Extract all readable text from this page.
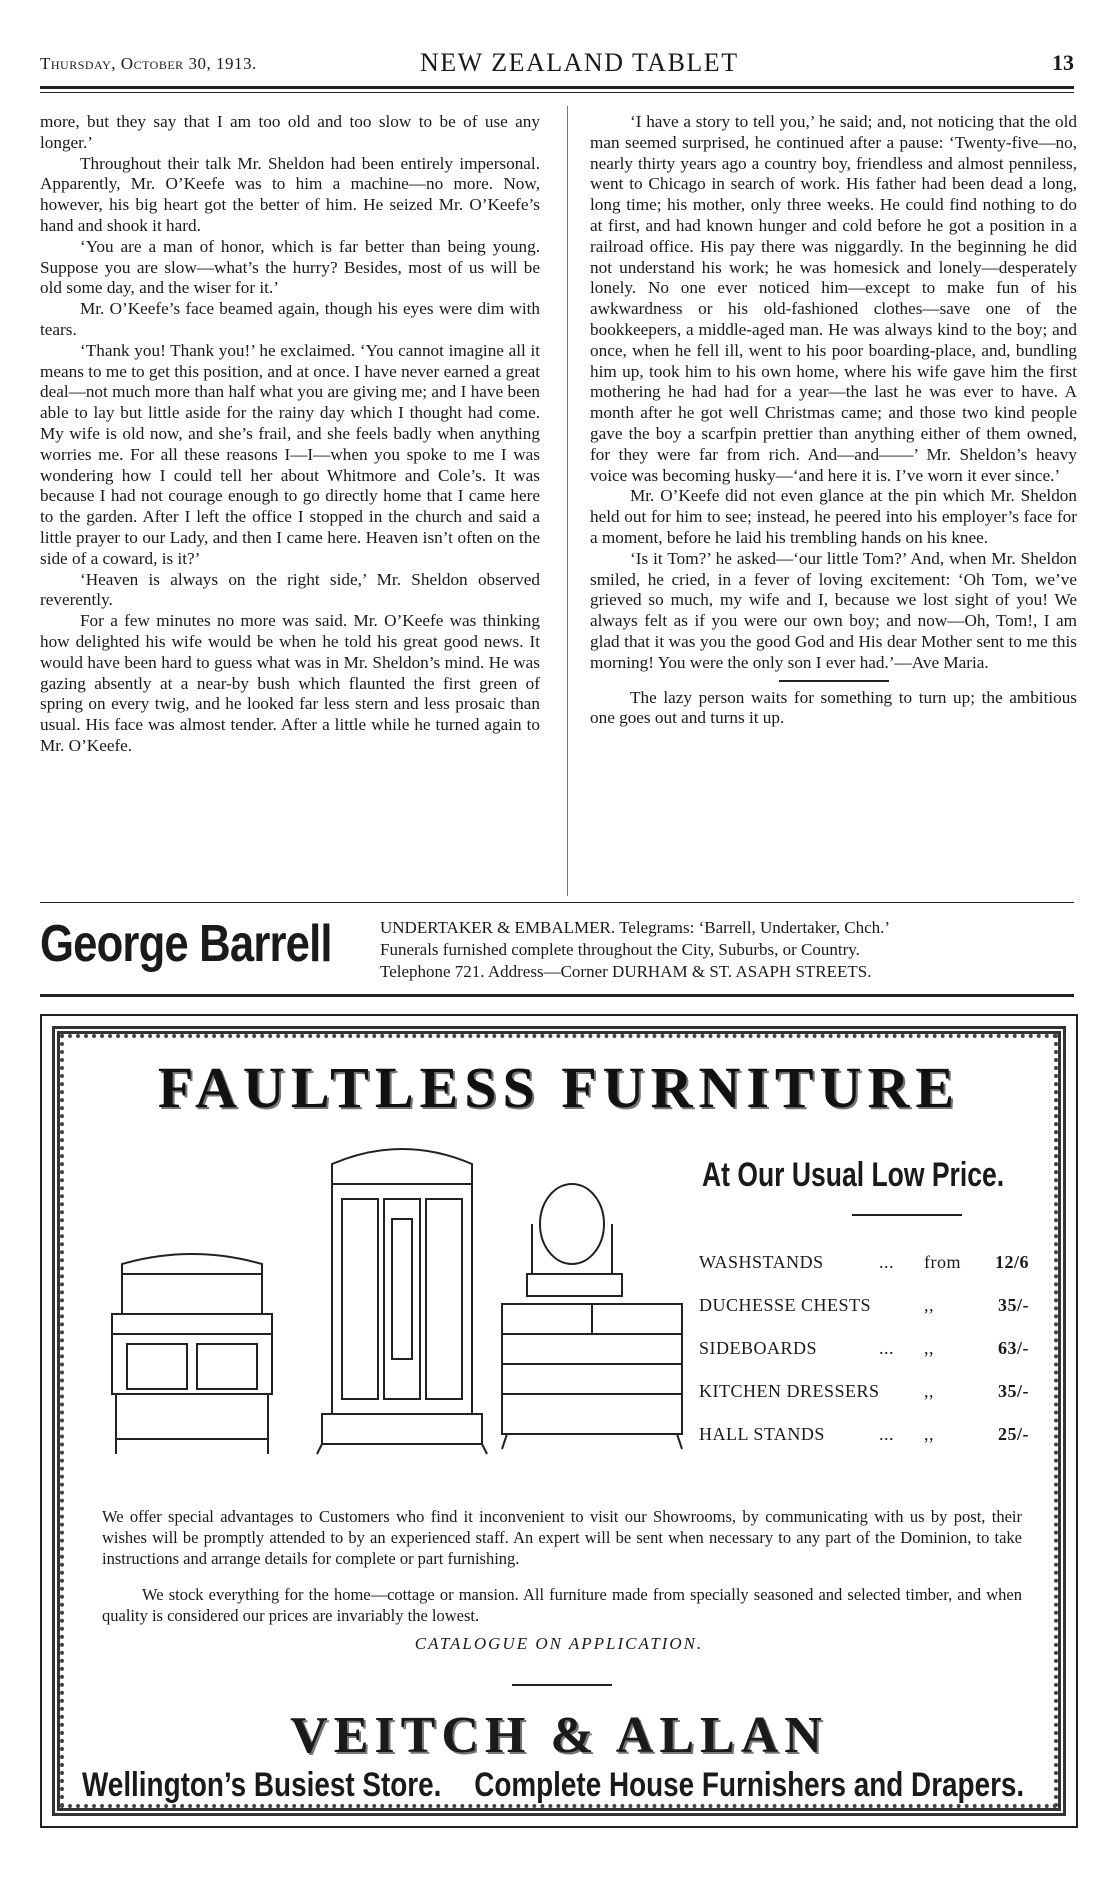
Thursday, October 30, 1913.	NEW ZEALAND TABLET	13

more, but they say that I am too old and too slow to be of use any longer.’

Throughout their talk Mr. Sheldon had been entirely impersonal. Apparently, Mr. O’Keefe was to him a machine—no more. Now, however, his big heart got the better of him. He seized Mr. O’Keefe’s hand and shook it hard.

‘You are a man of honor, which is far better than being young. Suppose you are slow—what’s the hurry? Besides, most of us will be old some day, and the wiser for it.’

Mr. O’Keefe’s face beamed again, though his eyes were dim with tears.

‘Thank you! Thank you!’ he exclaimed. ‘You cannot imagine all it means to me to get this position, and at once. I have never earned a great deal—not much more than half what you are giving me; and I have been able to lay but little aside for the rainy day which I thought had come. My wife is old now, and she’s frail, and she feels badly when anything worries me. For all these reasons I—I—when you spoke to me I was wondering how I could tell her about Whitmore and Cole’s. It was because I had not courage enough to go directly home that I came here to the garden. After I left the office I stopped in the church and said a little prayer to our Lady, and then I came here. Heaven isn’t often on the side of a coward, is it?’

‘Heaven is always on the right side,’ Mr. Sheldon observed reverently.

For a few minutes no more was said. Mr. O’Keefe was thinking how delighted his wife would be when he told his great good news. It would have been hard to guess what was in Mr. Sheldon’s mind. He was gazing absently at a near-by bush which flaunted the first green of spring on every twig, and he looked far less stern and less prosaic than usual. His face was almost tender. After a little while he turned again to Mr. O’Keefe.

‘I have a story to tell you,’ he said; and, not noticing that the old man seemed surprised, he continued after a pause: ‘Twenty-five—no, nearly thirty years ago a country boy, friendless and almost penniless, went to Chicago in search of work. His father had been dead a long, long time; his mother, only three weeks. He could find nothing to do at first, and had known hunger and cold before he got a position in a railroad office. His pay there was niggardly. In the beginning he did not understand his work; he was homesick and lonely—desperately lonely. No one ever noticed him—except to make fun of his awkwardness or his old-fashioned clothes—save one of the bookkeepers, a middle-aged man. He was always kind to the boy; and once, when he fell ill, went to his poor boarding-place, and, bundling him up, took him to his own home, where his wife gave him the first mothering he had had for a year—the last he was ever to have. A month after he got well Christmas came; and those two kind people gave the boy a scarfpin prettier than anything either of them owned, for they were far from rich. And—and——’ Mr. Sheldon’s heavy voice was becoming husky—‘and here it is. I’ve worn it ever since.’

Mr. O’Keefe did not even glance at the pin which Mr. Sheldon held out for him to see; instead, he peered into his employer’s face for a moment, before he laid his trembling hands on his knee.

‘Is it Tom?’ he asked—‘our little Tom?’ And, when Mr. Sheldon smiled, he cried, in a fever of loving excitement: ‘Oh Tom, we’ve grieved so much, my wife and I, because we lost sight of you! We always felt as if you were our own boy; and now—Oh, Tom!, I am glad that it was you the good God and His dear Mother sent to me this morning! You were the only son I ever had.’—Ave Maria.

The lazy person waits for something to turn up; the ambitious one goes out and turns it up.

George Barrell	UNDERTAKER & EMBALMER. Telegrams: ‘Barrell, Undertaker, Chch.’
Funerals furnished complete throughout the City, Suburbs, or Country.
Telephone 721. Address—Corner DURHAM & ST. ASAPH STREETS.
FAULTLESS FURNITURE
At Our Usual Low Price.
WASHSTANDS	... from 12/6
DUCHESSE CHESTS	,,	35/-
SIDEBOARDS	... ,,	63/-
KITCHEN DRESSERS ,,	35/-
HALL STANDS	... ,,	25/-
We offer special advantages to Customers who find it inconvenient to visit our Showrooms, by communicating with us by post, their wishes will be promptly attended to by an experienced staff. An expert will be sent when necessary to any part of the Dominion, to take instructions and arrange details for complete or part furnishing.
We stock everything for the home—cottage or mansion. All furniture made from specially seasoned and selected timber, and when quality is considered our prices are invariably the lowest.
CATALOGUE ON APPLICATION.
VEITCH & ALLAN
Wellington’s Busiest Store. Complete House Furnishers and Drapers.
